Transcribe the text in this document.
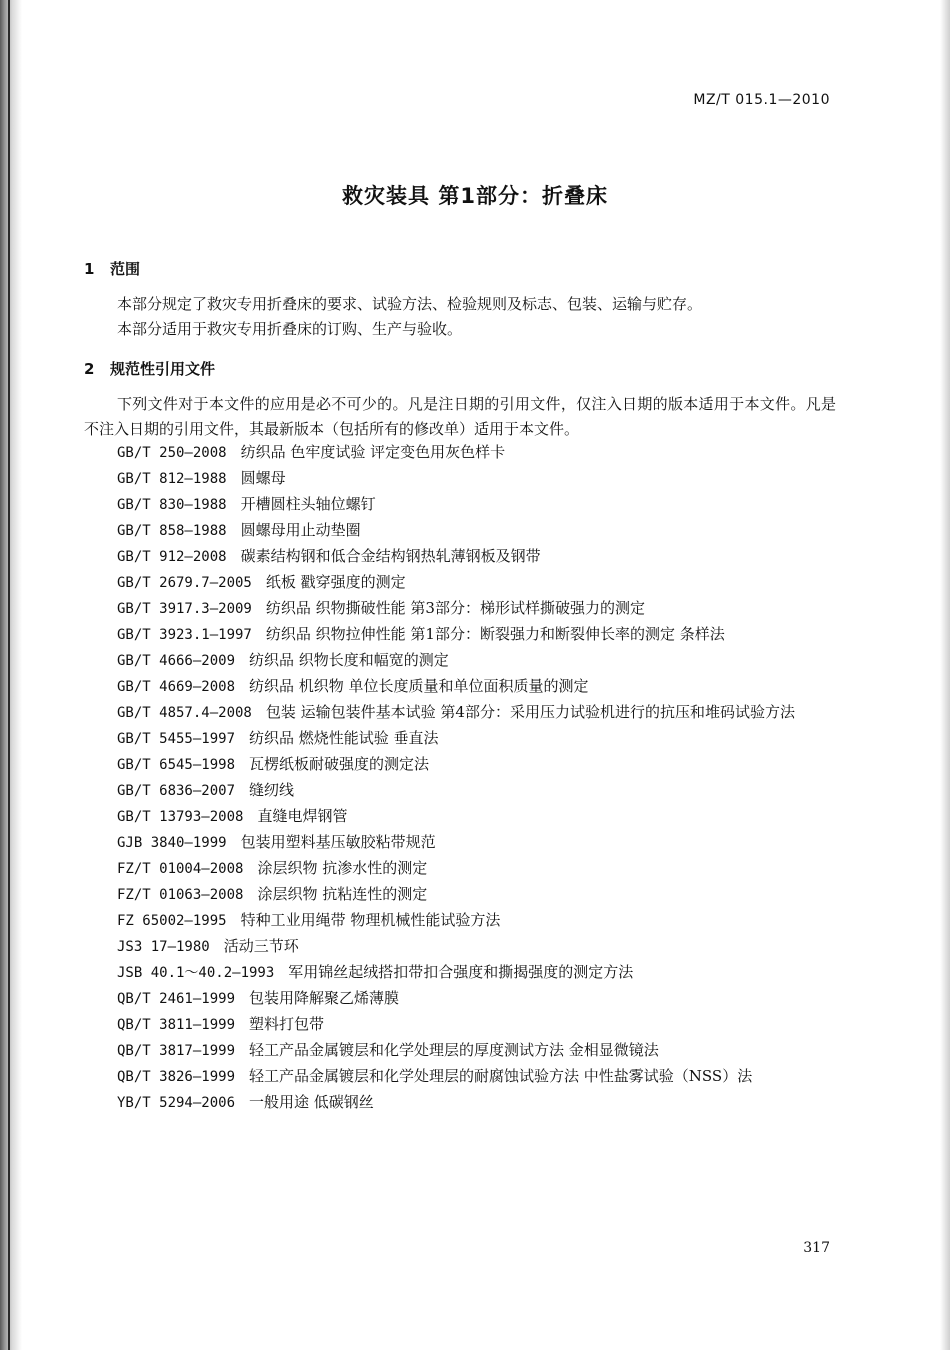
MZ/T 015.1—2010
救灾装具 第1部分：折叠床
1 范围
本部分规定了救灾专用折叠床的要求、试验方法、检验规则及标志、包装、运输与贮存。
本部分适用于救灾专用折叠床的订购、生产与验收。
2 规范性引用文件
下列文件对于本文件的应用是必不可少的。凡是注日期的引用文件，仅注入日期的版本适用于本文件。凡是不注入日期的引用文件，其最新版本（包括所有的修改单）适用于本文件。
GB/T 250—2008 纺织品 色牢度试验 评定变色用灰色样卡
GB/T 812—1988 圆螺母
GB/T 830—1988 开槽圆柱头轴位螺钉
GB/T 858—1988 圆螺母用止动垫圈
GB/T 912—2008 碳素结构钢和低合金结构钢热轧薄钢板及钢带
GB/T 2679.7—2005 纸板 戳穿强度的测定
GB/T 3917.3—2009 纺织品 织物撕破性能 第3部分：梯形试样撕破强力的测定
GB/T 3923.1—1997 纺织品 织物拉伸性能 第1部分：断裂强力和断裂伸长率的测定 条样法
GB/T 4666—2009 纺织品 织物长度和幅宽的测定
GB/T 4669—2008 纺织品 机织物 单位长度质量和单位面积质量的测定
GB/T 4857.4—2008 包装 运输包装件基本试验 第4部分：采用压力试验机进行的抗压和堆码试验方法
GB/T 5455—1997 纺织品 燃烧性能试验 垂直法
GB/T 6545—1998 瓦楞纸板耐破强度的测定法
GB/T 6836—2007 缝纫线
GB/T 13793—2008 直缝电焊钢管
GJB 3840—1999 包装用塑料基压敏胶粘带规范
FZ/T 01004—2008 涂层织物 抗渗水性的测定
FZ/T 01063—2008 涂层织物 抗粘连性的测定
FZ 65002—1995 特种工业用绳带 物理机械性能试验方法
JS3 17—1980 活动三节环
JSB 40.1～40.2—1993 军用锦丝起绒搭扣带扣合强度和撕揭强度的测定方法
QB/T 2461—1999 包装用降解聚乙烯薄膜
QB/T 3811—1999 塑料打包带
QB/T 3817—1999 轻工产品金属镀层和化学处理层的厚度测试方法 金相显微镜法
QB/T 3826—1999 轻工产品金属镀层和化学处理层的耐腐蚀试验方法 中性盐雾试验（NSS）法
YB/T 5294—2006 一般用途 低碳钢丝
317
